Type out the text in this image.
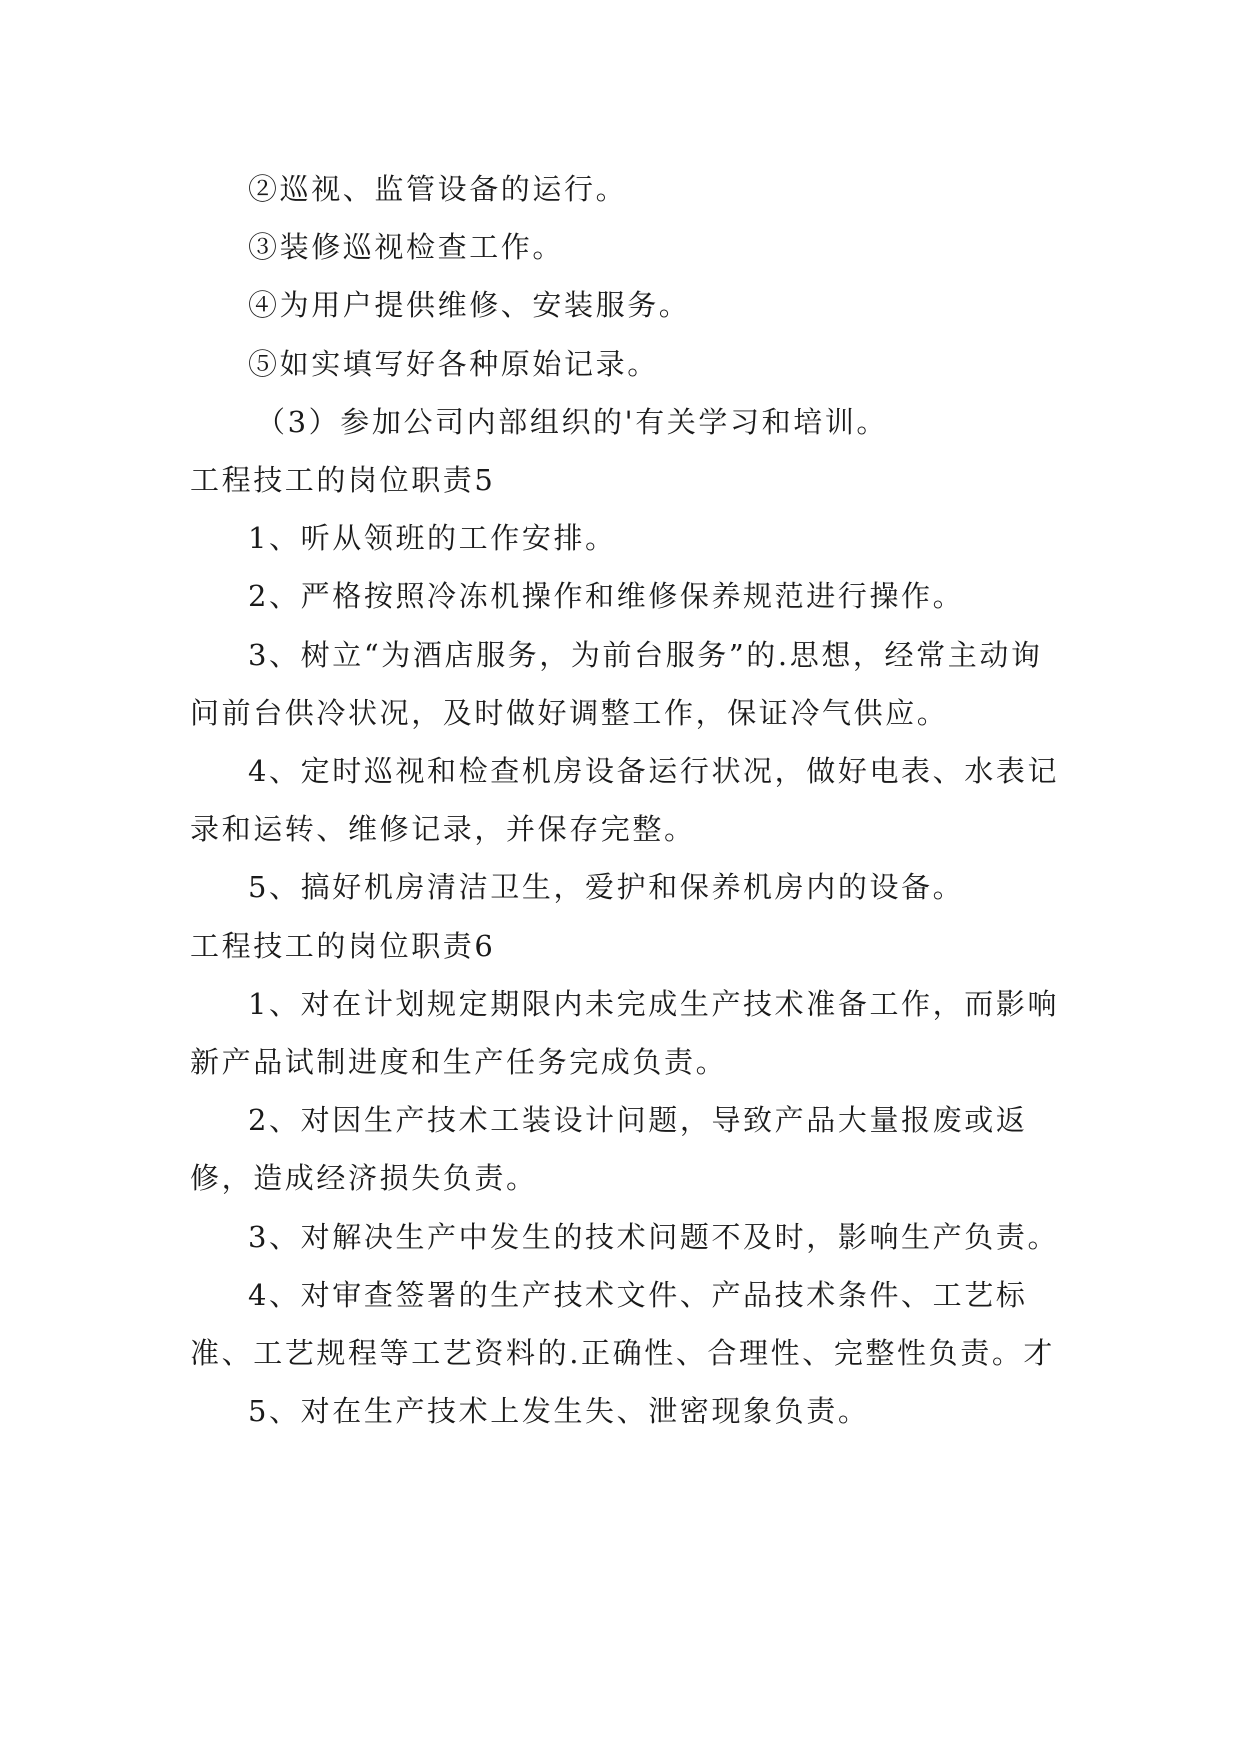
②巡视、监管设备的运行。

③装修巡视检查工作。

④为用户提供维修、安装服务。

⑤如实填写好各种原始记录。

（3）参加公司内部组织的'有关学习和培训。

工程技工的岗位职责5

1、听从领班的工作安排。

2、严格按照冷冻机操作和维修保养规范进行操作。

3、树立“为酒店服务，为前台服务”的.思想，经常主动询问前台供冷状况，及时做好调整工作，保证冷气供应。

4、定时巡视和检查机房设备运行状况，做好电表、水表记录和运转、维修记录，并保存完整。

5、搞好机房清洁卫生，爱护和保养机房内的设备。

工程技工的岗位职责6

1、对在计划规定期限内未完成生产技术准备工作，而影响新产品试制进度和生产任务完成负责。

2、对因生产技术工装设计问题，导致产品大量报废或返修，造成经济损失负责。

3、对解决生产中发生的技术问题不及时，影响生产负责。

4、对审查签署的生产技术文件、产品技术条件、工艺标准、工艺规程等工艺资料的.正确性、合理性、完整性负责。才

5、对在生产技术上发生失、泄密现象负责。
